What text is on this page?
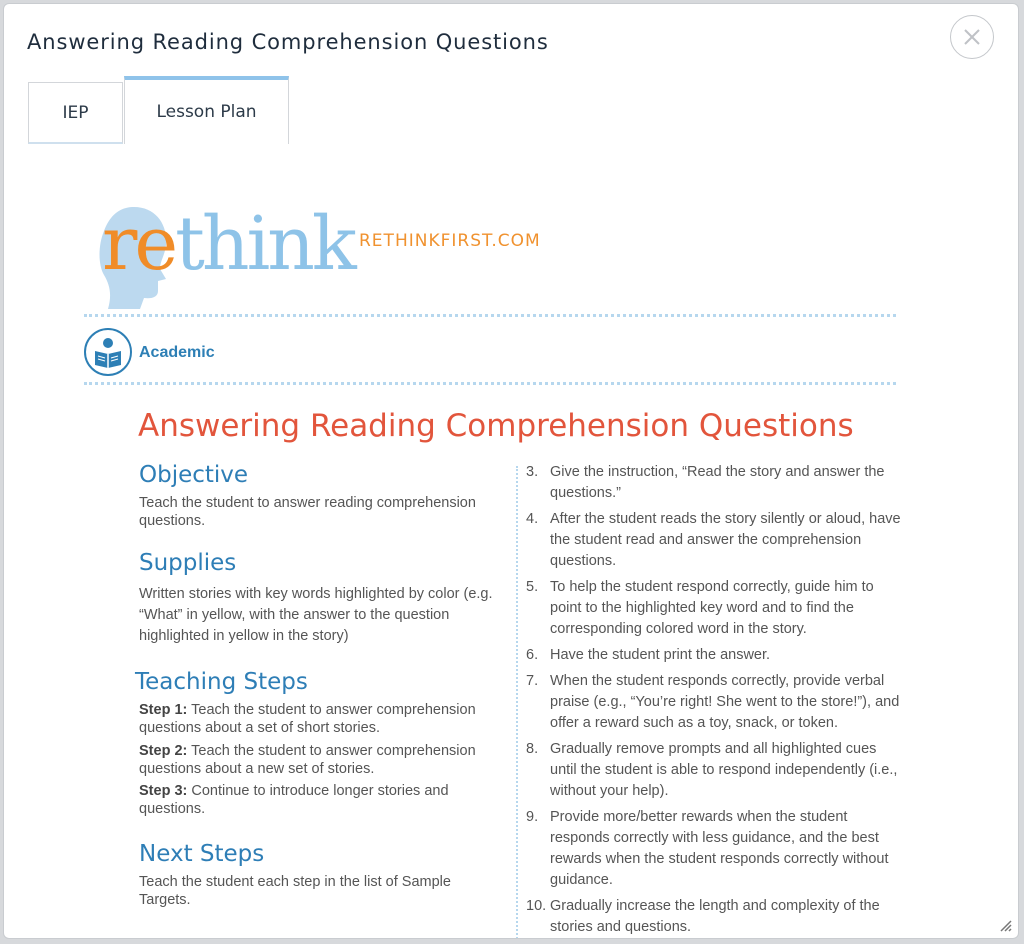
Answering Reading Comprehension Questions
IEP	Lesson Plan
rethink RETHINKFIRST.COM
Academic
Answering Reading Comprehension Questions
Objective
Teach the student to answer reading comprehension questions.
Supplies
Written stories with key words highlighted by color (e.g. “What” in yellow, with the answer to the question highlighted in yellow in the story)
Teaching Steps
Step 1: Teach the student to answer comprehension questions about a set of short stories.
Step 2: Teach the student to answer comprehension questions about a new set of stories.
Step 3: Continue to introduce longer stories and questions.
Next Steps
Teach the student each step in the list of Sample Targets.
3. Give the instruction, “Read the story and answer the questions.”
4. After the student reads the story silently or aloud, have the student read and answer the comprehension questions.
5. To help the student respond correctly, guide him to point to the highlighted key word and to find the corresponding colored word in the story.
6. Have the student print the answer.
7. When the student responds correctly, provide verbal praise (e.g., “You’re right! She went to the store!”), and offer a reward such as a toy, snack, or token.
8. Gradually remove prompts and all highlighted cues until the student is able to respond independently (i.e., without your help).
9. Provide more/better rewards when the student responds correctly with less guidance, and the best rewards when the student responds correctly without guidance.
10. Gradually increase the length and complexity of the stories and questions.
